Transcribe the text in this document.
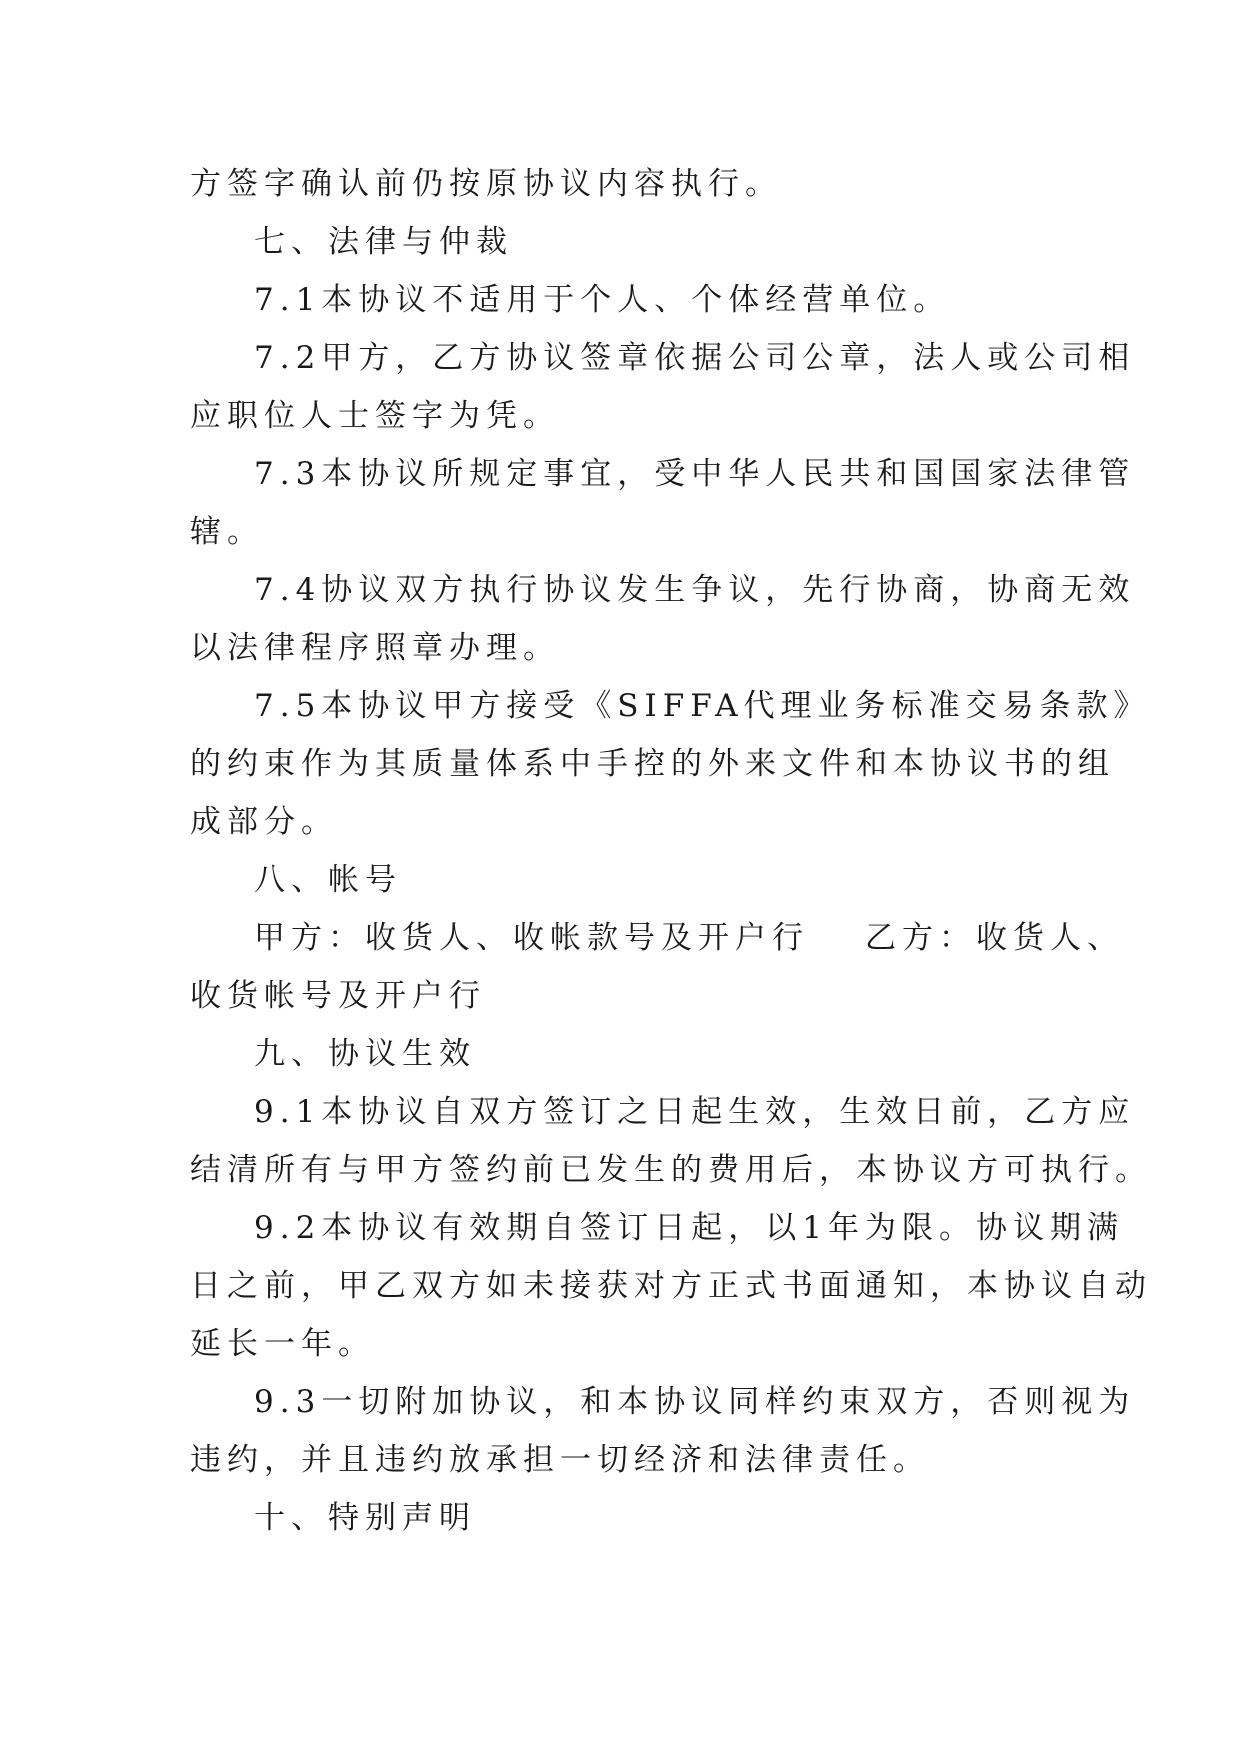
方签字确认前仍按原协议内容执行。
七、法律与仲裁
7.1本协议不适用于个人、个体经营单位。
7.2甲方，乙方协议签章依据公司公章，法人或公司相
应职位人士签字为凭。
7.3本协议所规定事宜，受中华人民共和国国家法律管
辖。
7.4协议双方执行协议发生争议，先行协商，协商无效
以法律程序照章办理。
7.5本协议甲方接受《SIFFA代理业务标准交易条款》
的约束作为其质量体系中手控的外来文件和本协议书的组
成部分。
八、帐号
甲方：收货人、收帐款号及开户行 乙方：收货人、
收货帐号及开户行
九、协议生效
9.1本协议自双方签订之日起生效，生效日前，乙方应
结清所有与甲方签约前已发生的费用后，本协议方可执行。
9.2本协议有效期自签订日起，以1年为限。协议期满
日之前，甲乙双方如未接获对方正式书面通知，本协议自动
延长一年。
9.3一切附加协议，和本协议同样约束双方，否则视为
违约，并且违约放承担一切经济和法律责任。
十、特别声明
